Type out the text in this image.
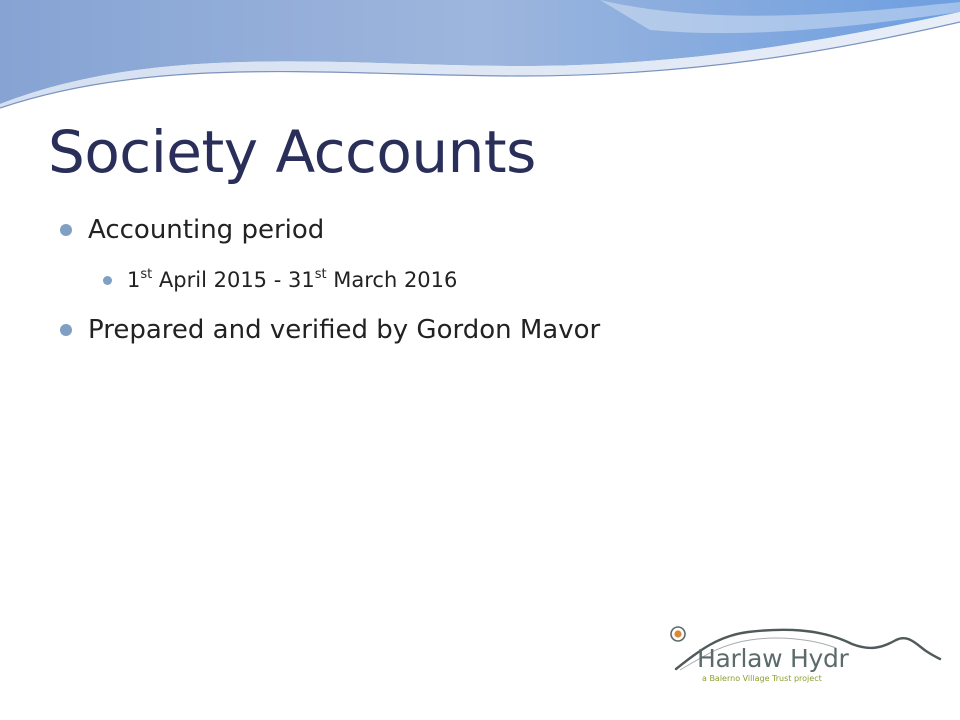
Society Accounts
Accounting period
1st April 2015 - 31st March 2016
Prepared and verified by Gordon Mavor
Harlaw Hydr
a Balerno Village Trust project
